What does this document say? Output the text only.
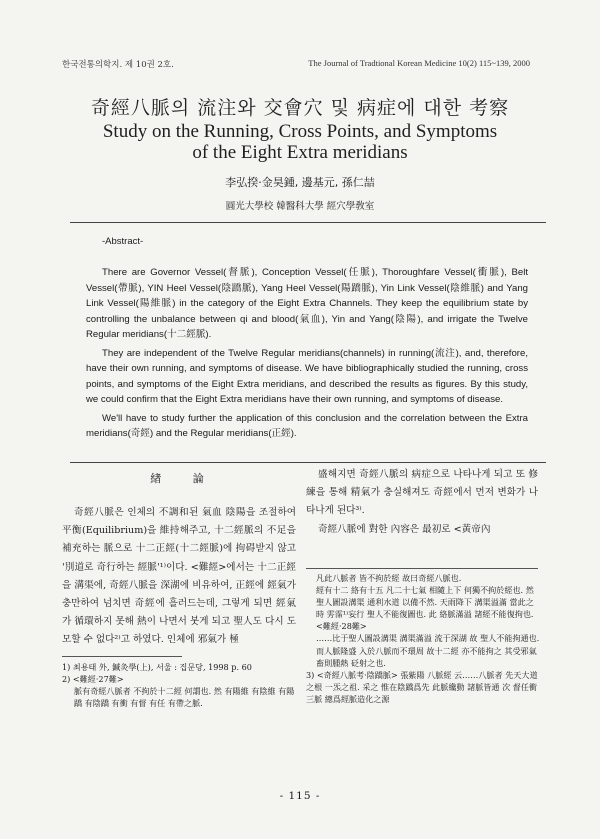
한국전통의학지. 제 10권 2호.	The Journal of Tradtional Korean Medicine 10(2) 115~139, 2000
奇經八脈의 流注와 交會穴 및 病症에 대한 考察
Study on the Running, Cross Points, and Symptoms
of the Eight Extra meridians
李弘揆·金昊鍾, 邊基元, 孫仁喆
圓光大學校 韓醫科大學 經穴學敎室
-Abstract-

There are Governor Vessel(督脈), Conception Vessel(任脈), Thoroughfare Vessel(衝脈), Belt Vessel(帶脈), YIN Heel Vessel(陰蹻脈), Yang Heel Vessel(陽蹻脈), Yin Link Vessel(陰維脈) and Yang Link Vessel(陽維脈) in the category of the Eight Extra Channels. They keep the equilibrium state by controlling the unbalance between qi and blood(氣血), Yin and Yang(陰陽), and irrigate the Twelve Regular meridians(十二經脈).

They are independent of the Twelve Regular meridians(channels) in running(流注), and, therefore, have their own running, and symptoms of disease. We have bibliographically studied the running, cross points, and symptoms of the Eight Extra meridians, and described the results as figures. By this study, we could confirm that the Eight Extra meridians have their own running, and symptoms of disease.

We'll have to study further the application of this conclusion and the correlation between the Extra meridians(奇經) and the Regular meridians(正經).

緖 論
奇經八脈은 인체의 不調和된 氣血 陰陽을 조절하여 平衡(Equilibrium)을 維持해주고, 十二經脈의 不足을 補充하는 脈으로 十二正經(十二經脈)에 拘碍받지 않고 '別道로 奇行하는 經脈'¹⁾이다. <難經>에서는 十二正經을 溝渠에, 奇經八脈을 深湖에 비유하여, 正經에 經氣가 충만하여 넘치면 奇經에 흘러드는데, 그렇게 되면 經氣가 循環하지 못해 熱이 나면서 붓게 되고 聖人도 다시 도모할 수 없다²⁾고 하였다. 인체에 邪氣가 極
盛해지면 奇經八脈의 病症으로 나타나게 되고 또 修練을 통해 精氣가 충실해져도 奇經에서 먼저 변화가 나타나게 된다³⁾.
奇經八脈에 對한 內容은 最初로 <黃帝內
凡此八脈者 皆不拘於經 故曰奇經八脈也.
經有十二 絡有十五 凡二十七氣 相隨上下 何獨不拘於經也. 然 聖人圖設溝渠 通利水道 以備不然. 天雨降下 溝渠溢滿 當此之時 雱霈¹⁾妄行 聖人不能復圖也. 此 絡脈滿溢 諸經不能復拘也.
<難經·28難>
……比于聖人圖設溝渠 溝渠滿溢 流于深湖 故 聖人不能拘通也. 而人脈隆盛 入於八脈而不環周 故十二經 亦不能拘之 其受邪氣 畜則腫熱 砭射之也.
3) <奇經八脈考·陰蹻脈> 張紫陽 八脈經 云……八脈者 先天大道之根 一炁之祖. 采之 惟在陰蹻爲先 此脈纔動 諸脈皆通 次 督任衝三脈 總爲經脈造化之源
1) 최용태 外, 鍼灸學(上), 서울 : 집문당, 1998 p. 60
2) <難經·27難>
脈有奇經八脈者 不拘於十二經 何謂也. 然 有陽維 有陰維 有陽蹻 有陰蹻 有衝 有督 有任 有帶之脈.
- 115 -
